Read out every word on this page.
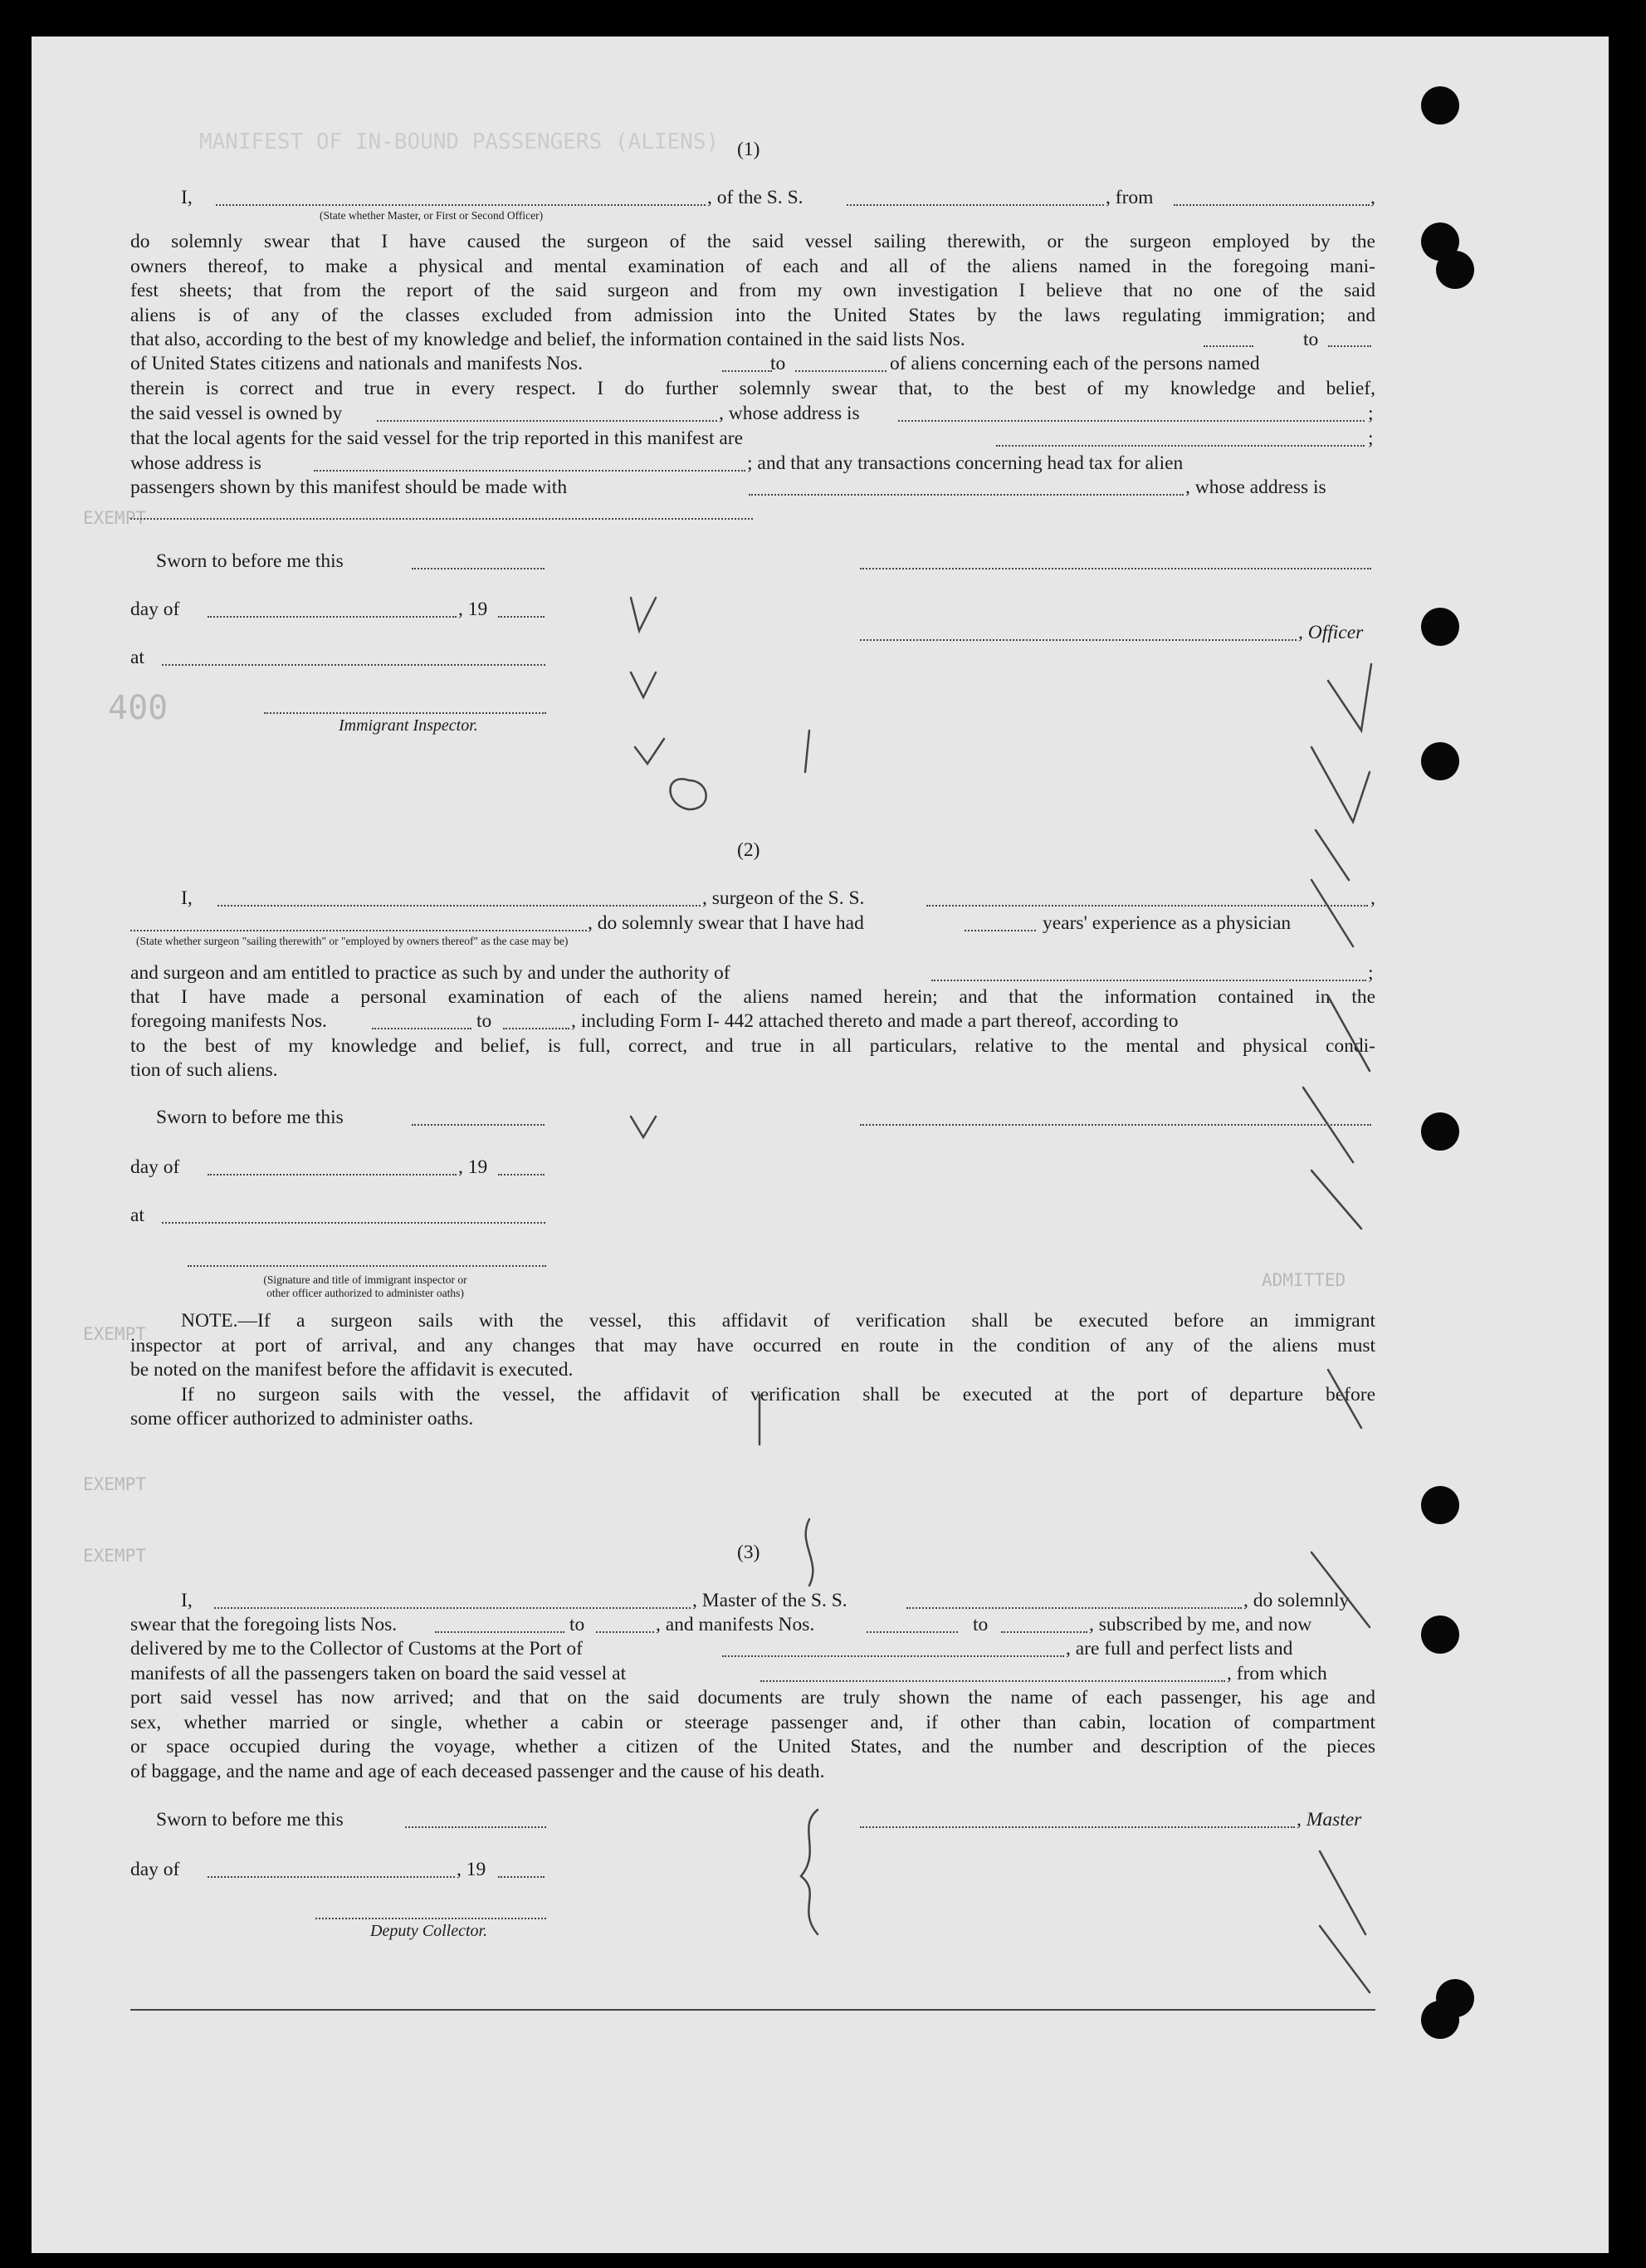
MANIFEST OF IN-BOUND PASSENGERS (ALIENS)
EXEMPT
EXEMPT
EXEMPT
EXEMPT
400
ADMITTED
(1)
I,
(State whether Master, or First or Second Officer)
, of the S. S.	, from	,
do solemnly swear that I have caused the surgeon of the said vessel sailing therewith, or the surgeon employed by the
owners thereof, to make a physical and mental examination of each and all of the aliens named in the foregoing mani-
fest sheets; that from the report of the said surgeon and from my own investigation I believe that no one of the said
aliens is of any of the classes excluded from admission into the United States by the laws regulating immigration; and
that also, according to the best of my knowledge and belief, the information contained in the said lists Nos.	to
of United States citizens and nationals and manifests Nos.	to	of aliens concerning each of the persons named
therein is correct and true in every respect. I do further solemnly swear that, to the best of my knowledge and belief,
the said vessel is owned by	, whose address is	;
that the local agents for the said vessel for the trip reported in this manifest are	;
whose address is	; and that any transactions concerning head tax for alien
passengers shown by this manifest should be made with	, whose address is
Sworn to before me this
day of	, 19
, Officer
at
Immigrant Inspector.
(2)
I,	, surgeon of the S. S.	,
, do solemnly swear that I have had	years' experience as a physician
(State whether surgeon "sailing therewith" or "employed by owners thereof" as the case may be)
and surgeon and am entitled to practice as such by and under the authority of	;
that I have made a personal examination of each of the aliens named herein; and that the information contained in the
foregoing manifests Nos.	to	, including Form I- 442 attached thereto and made a part thereof, according to
to the best of my knowledge and belief, is full, correct, and true in all particulars, relative to the mental and physical condi-
tion of such aliens.
Sworn to before me this
day of	, 19
at
(Signature and title of immigrant inspector or
other officer authorized to administer oaths)
NOTE.—If a surgeon sails with the vessel, this affidavit of verification shall be executed before an immigrant
inspector at port of arrival, and any changes that may have occurred en route in the condition of any of the aliens must
be noted on the manifest before the affidavit is executed.
If no surgeon sails with the vessel, the affidavit of verification shall be executed at the port of departure before
some officer authorized to administer oaths.
(3)
I,	, Master of the S. S.	, do solemnly
swear that the foregoing lists Nos.	to	, and manifests Nos.	to	, subscribed by me, and now
delivered by me to the Collector of Customs at the Port of	, are full and perfect lists and
manifests of all the passengers taken on board the said vessel at	, from which
port said vessel has now arrived; and that on the said documents are truly shown the name of each passenger, his age and
sex, whether married or single, whether a cabin or steerage passenger and, if other than cabin, location of compartment
or space occupied during the voyage, whether a citizen of the United States, and the number and description of the pieces
of baggage, and the name and age of each deceased passenger and the cause of his death.
Sworn to before me this	, Master
day of	, 19
Deputy Collector.
